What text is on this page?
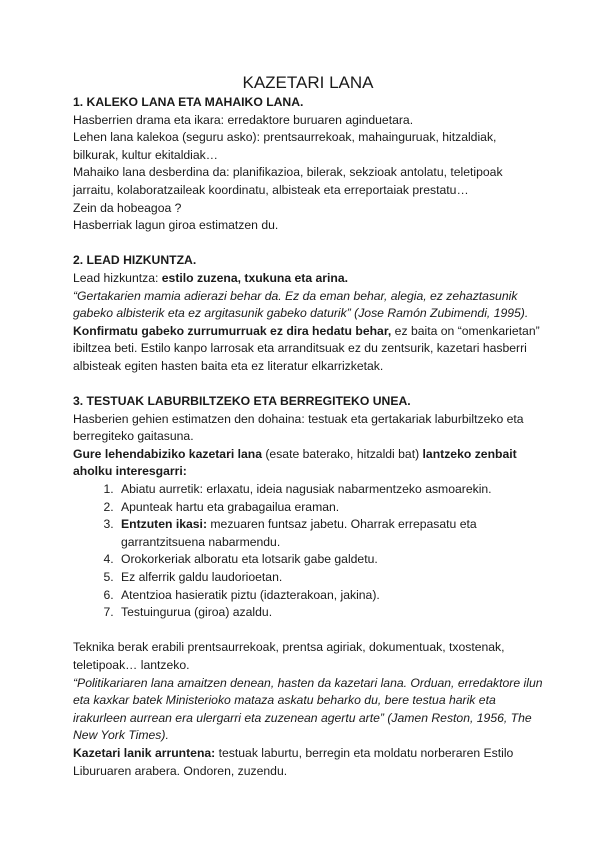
KAZETARI LANA

1. KALEKO LANA ETA MAHAIKO LANA.

Hasberrien drama eta ikara: erredaktore buruaren aginduetara.

Lehen lana kalekoa (seguru asko): prentsaurrekoak, mahainguruak, hitzaldiak, bilkurak, kultur ekitaldiak…

Mahaiko lana desberdina da: planifikazioa, bilerak, sekzioak antolatu, teletipoak jarraitu, kolaboratzaileak koordinatu, albisteak eta erreportaiak prestatu…

Zein da hobeagoa ?

Hasberriak lagun giroa estimatzen du.

2. LEAD HIZKUNTZA.

Lead hizkuntza: estilo zuzena, txukuna eta arina.

“Gertakarien mamia adierazi behar da. Ez da eman behar, alegia, ez zehaztasunik gabeko albisterik eta ez argitasunik gabeko daturik” (Jose Ramón Zubimendi, 1995).

Konfirmatu gabeko zurrumurruak ez dira hedatu behar, ez baita on “omenkarietan” ibiltzea beti. Estilo kanpo larrosak eta arranditsuak ez du zentsurik, kazetari hasberri albisteak egiten hasten baita eta ez literatur elkarrizketak.

3. TESTUAK LABURBILTZEKO ETA BERREGITEKO UNEA.

Hasberien gehien estimatzen den dohaina: testuak eta gertakariak laburbiltzeko eta berregiteko gaitasuna.

Gure lehendabiziko kazetari lana (esate baterako, hitzaldi bat) lantzeko zenbait aholku interesgarri:

1. Abiatu aurretik: erlaxatu, ideia nagusiak nabarmentzeko asmoarekin.
2. Apunteak hartu eta grabagailua eraman.
3. Entzuten ikasi: mezuaren funtsaz jabetu. Oharrak errepasatu eta garrantzitsuena nabarmendu.
4. Orokorkeriak alboratu eta lotsarik gabe galdetu.
5. Ez alferrik galdu laudorioetan.
6. Atentzioa hasieratik piztu (idazterakoan, jakina).
7. Testuingurua (giroa) azaldu.

Teknika berak erabili prentsaurrekoak, prentsa agiriak, dokumentuak, txostenak, teletipoak… lantzeko.

“Politikariaren lana amaitzen denean, hasten da kazetari lana. Orduan, erredaktore ilun eta kaxkar batek Ministerioko mataza askatu beharko du, bere testua harik eta irakurleen aurrean era ulergarri eta zuzenean agertu arte” (Jamen Reston, 1956, The New York Times).

Kazetari lanik arruntena: testuak laburtu, berregin eta moldatu norberaren Estilo Liburuaren arabera. Ondoren, zuzendu.
